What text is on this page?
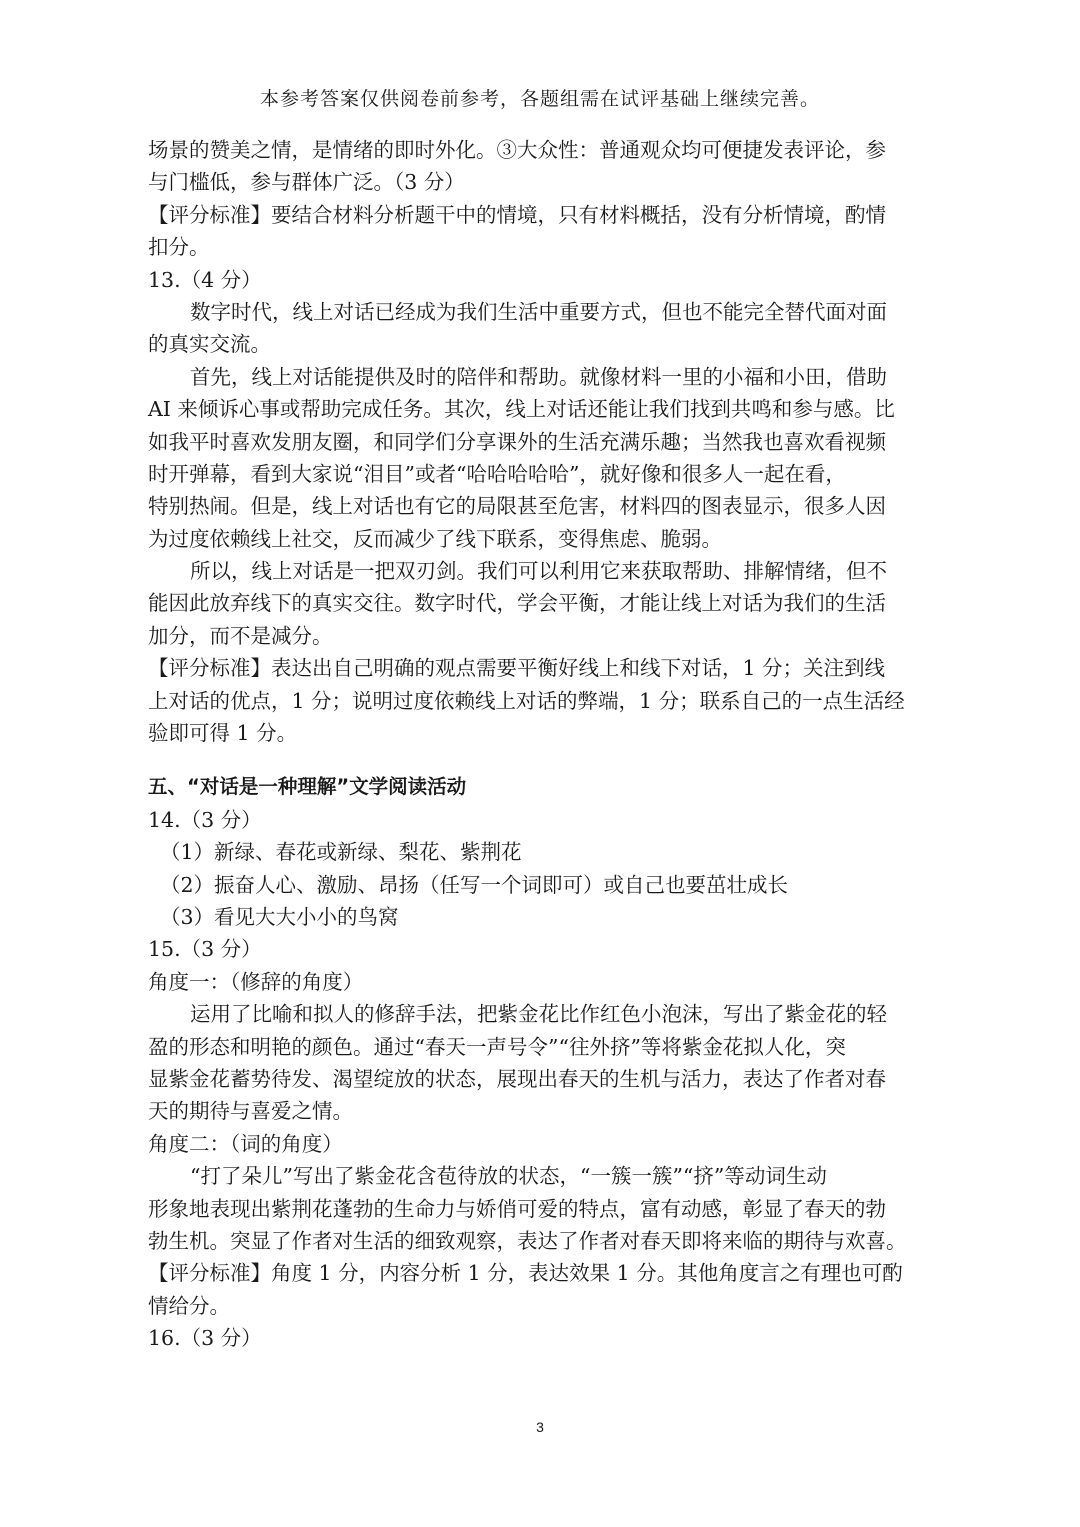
本参考答案仅供阅卷前参考，各题组需在试评基础上继续完善。
场景的赞美之情，是情绪的即时外化。③大众性：普通观众均可便捷发表评论，参
与门槛低，参与群体广泛。（3 分）
【评分标准】要结合材料分析题干中的情境，只有材料概括，没有分析情境，酌情
扣分。
13.（4 分）
数字时代，线上对话已经成为我们生活中重要方式，但也不能完全替代面对面
的真实交流。
首先，线上对话能提供及时的陪伴和帮助。就像材料一里的小福和小田，借助
AI 来倾诉心事或帮助完成任务。其次，线上对话还能让我们找到共鸣和参与感。比
如我平时喜欢发朋友圈，和同学们分享课外的生活充满乐趣；当然我也喜欢看视频
时开弹幕，看到大家说“泪目”或者“哈哈哈哈哈”，就好像和很多人一起在看，
特别热闹。但是，线上对话也有它的局限甚至危害，材料四的图表显示，很多人因
为过度依赖线上社交，反而减少了线下联系，变得焦虑、脆弱。
所以，线上对话是一把双刃剑。我们可以利用它来获取帮助、排解情绪，但不
能因此放弃线下的真实交往。数字时代，学会平衡，才能让线上对话为我们的生活
加分，而不是减分。
【评分标准】表达出自己明确的观点需要平衡好线上和线下对话，1 分；关注到线
上对话的优点，1 分；说明过度依赖线上对话的弊端，1 分；联系自己的一点生活经
验即可得 1 分。
五、“对话是一种理解”文学阅读活动
14.（3 分）
（1）新绿、春花或新绿、梨花、紫荆花
（2）振奋人心、激励、昂扬（任写一个词即可）或自己也要茁壮成长
（3）看见大大小小的鸟窝
15.（3 分）
角度一：（修辞的角度）
运用了比喻和拟人的修辞手法，把紫金花比作红色小泡沫，写出了紫金花的轻
盈的形态和明艳的颜色。通过“春天一声号令”“往外挤”等将紫金花拟人化，突
显紫金花蓄势待发、渴望绽放的状态，展现出春天的生机与活力，表达了作者对春
天的期待与喜爱之情。
角度二：（词的角度）
“打了朵儿”写出了紫金花含苞待放的状态，“一簇一簇”“挤”等动词生动
形象地表现出紫荆花蓬勃的生命力与娇俏可爱的特点，富有动感，彰显了春天的勃
勃生机。突显了作者对生活的细致观察，表达了作者对春天即将来临的期待与欢喜。
【评分标准】角度 1 分，内容分析 1 分，表达效果 1 分。其他角度言之有理也可酌
情给分。
16.（3 分）
3
